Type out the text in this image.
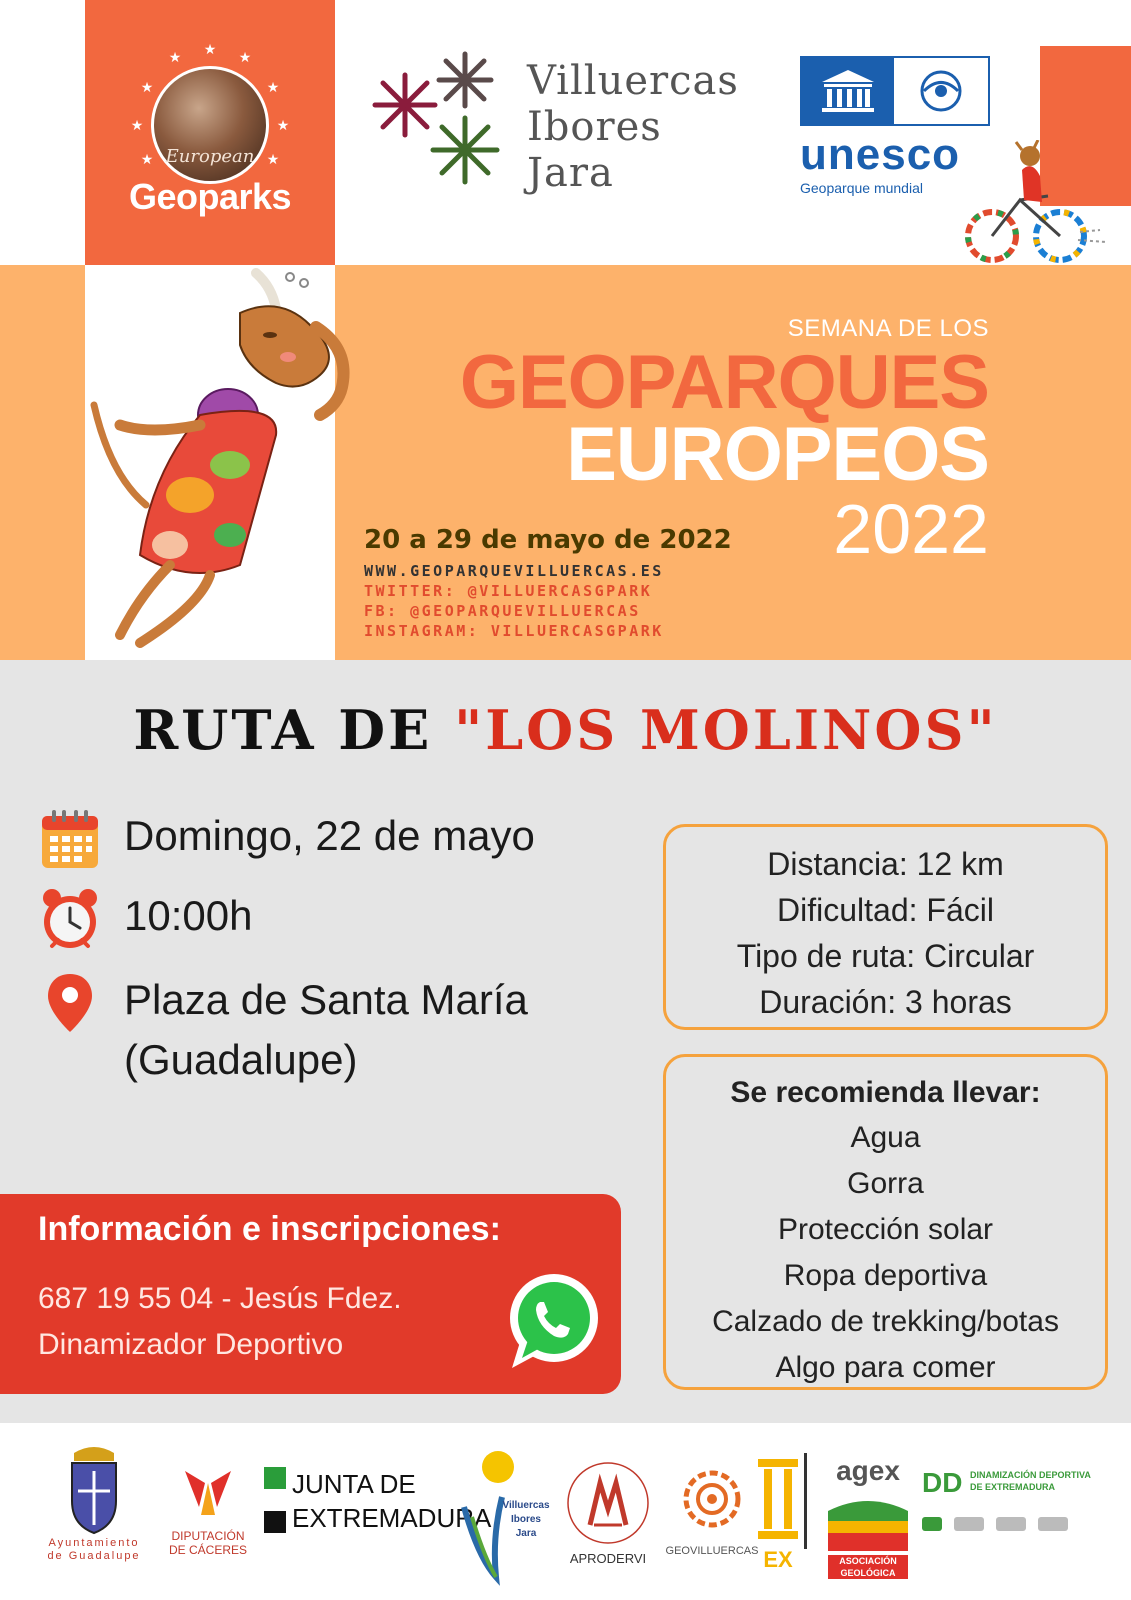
★
★	★
★	★
★	★
★	★
European
Geoparks
Villuercas
Ibores
Jara	unesco
Geoparque mundial
SEMANA DE LOS
GEOPARQUES
EUROPEOS
2022
20 a 29 de mayo de 2022
WWW.GEOPARQUEVILLUERCAS.ES
TWITTER: @VILLUERCASGPARK
FB: @GEOPARQUEVILLUERCAS
INSTAGRAM: VILLUERCASGPARK
RUTA DE "LOS MOLINOS"
Domingo, 22 de mayo
10:00h
Plaza de Santa María
(Guadalupe)
Distancia: 12 km
Dificultad: Fácil
Tipo de ruta: Circular
Duración: 3 horas
Se recomienda llevar:
Agua
Gorra
Protección solar
Ropa deportiva
Calzado de trekking/botas
Algo para comer
Información e inscripciones:
687 19 55 04 - Jesús Fdez.
Dinamizador Deportivo
Ayuntamiento
de Guadalupe
DIPUTACIÓN
DE CÁCERES
JUNTA DE
EXTREMADURA	Villuercas
Ibores
Jara
APRODERVI	GEOVILLUERCAS EX
agex
ASOCIACIÓN GEOLÓGICA
DD DINAMIZACIÓN DEPORTIVA
DE EXTREMADURA
